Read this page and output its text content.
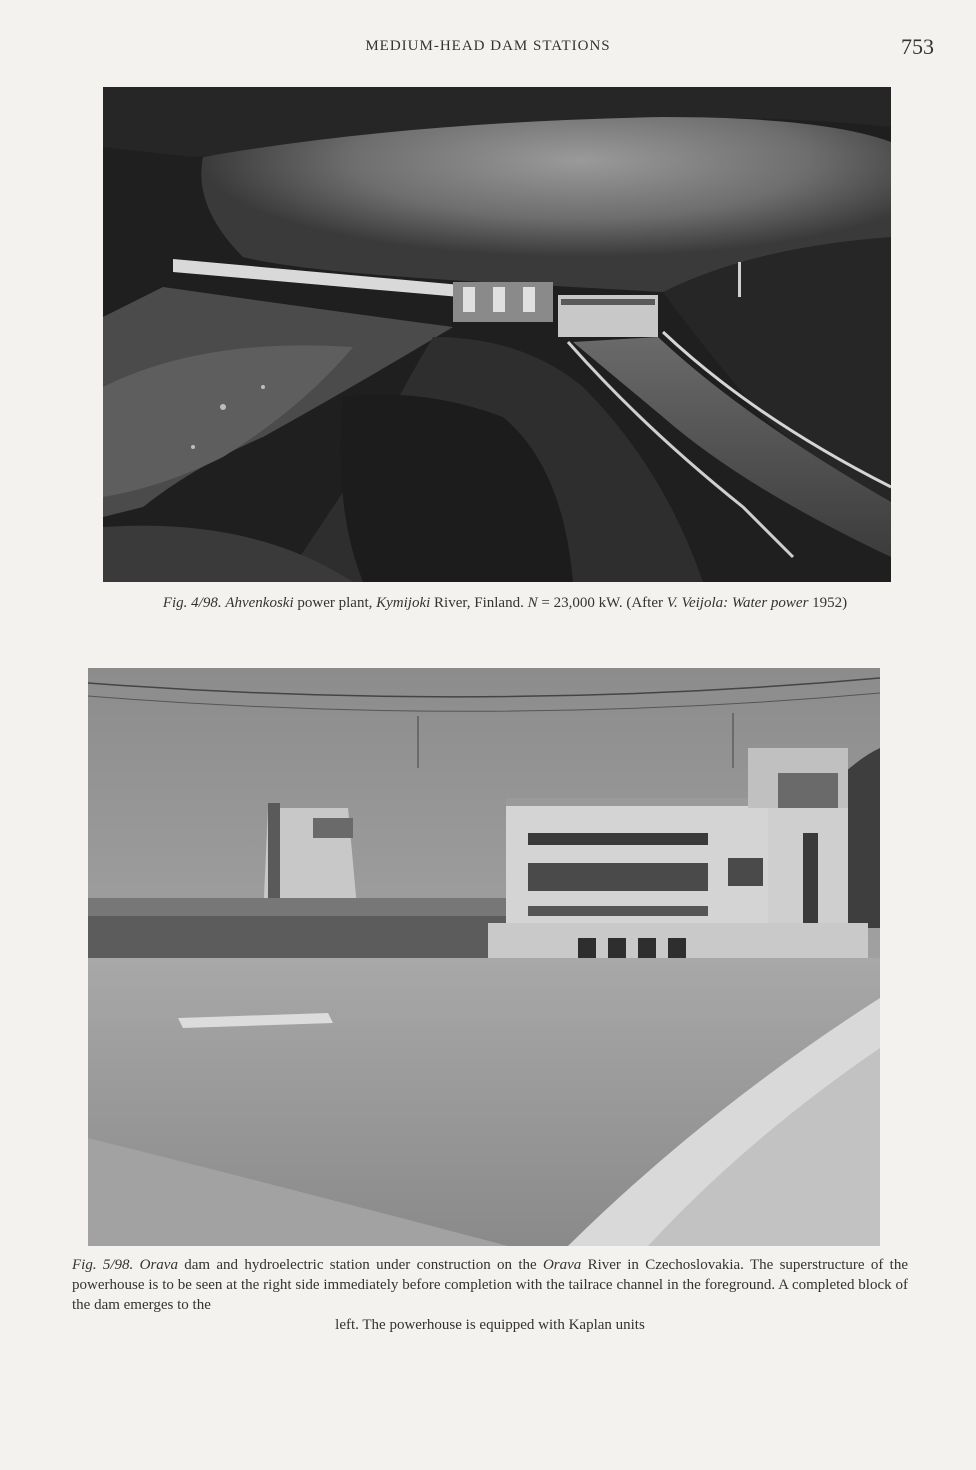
MEDIUM-HEAD DAM STATIONS	753
Fig. 4/98. Ahvenkoski power plant, Kymijoki River, Finland. N = 23,000 kW. (After V. Veijola: Water power 1952)
Fig. 5/98. Orava dam and hydroelectric station under construction on the Orava River in Czechoslovakia. The superstructure of the powerhouse is to be seen at the right side immediately before completion with the tailrace channel in the foreground. A completed block of the dam emerges to the
left. The powerhouse is equipped with Kaplan units
